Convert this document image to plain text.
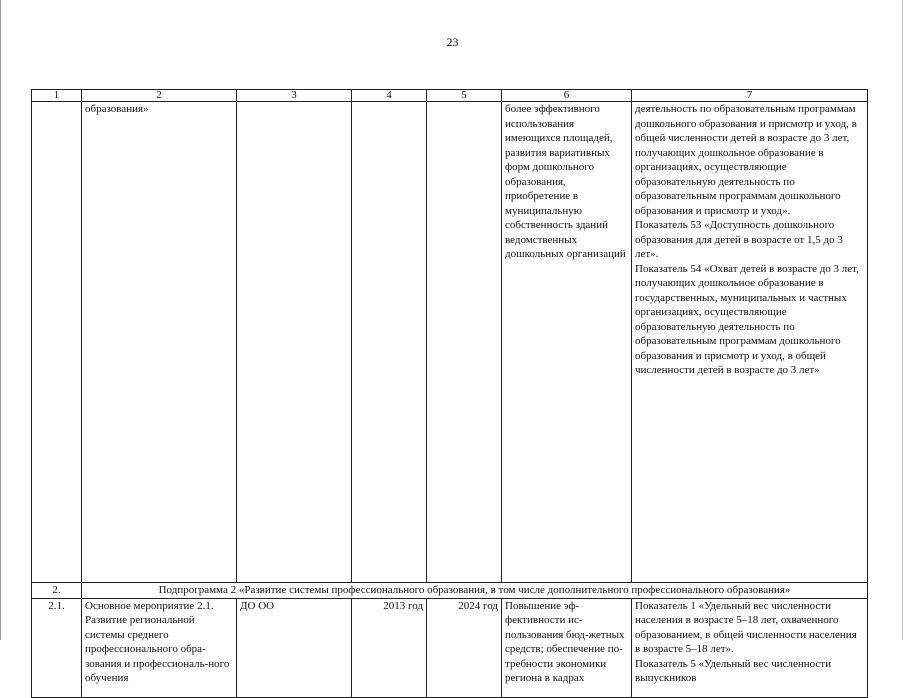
23
1	2	3	4	5	6	7
	образования»				более эффективного использования имеющихся площадей, развития вариативных форм дошкольного образования, приобретение в муниципальную собственность зданий ведомственных дошкольных организаций	деятельность по образовательным программам дошкольного образования и присмотр и уход, в общей численности детей в возрасте до 3 лет, получающих дошкольное образование в организациях, осуществляющие образовательную деятельность по образовательным программам дошкольного образования и присмотр и уход».
Показатель 53 «Доступность дошкольного образования для детей в возрасте от 1,5 до 3 лет».
Показатель 54 «Охват детей в возрасте до 3 лет, получающих дошкольное образование в государственных, муниципальных и частных организациях, осуществляющие образовательную деятельность по образовательным программам дошкольного образования и присмотр и уход, в общей численности детей в возрасте до 3 лет»

2.	Подпрограмма 2 «Развитие системы профессионального образования, в том числе дополнительного профессионального образования»					
2.1.	Основное мероприятие 2.1. Развитие региональной системы среднего профессионального обра-зования и профессиональ-ного обучения	ДО ОО	2013 год	2024 год	Повышение эф-фективности ис-пользования бюд-жетных средств; обеспечение по-требности экономики региона в кадрах	Показатель 1 «Удельный вес численности населения в возрасте 5–18 лет, охваченного образованием, в общей численности населения в возрасте 5–18 лет».
Показатель 5 «Удельный вес численности выпускников
